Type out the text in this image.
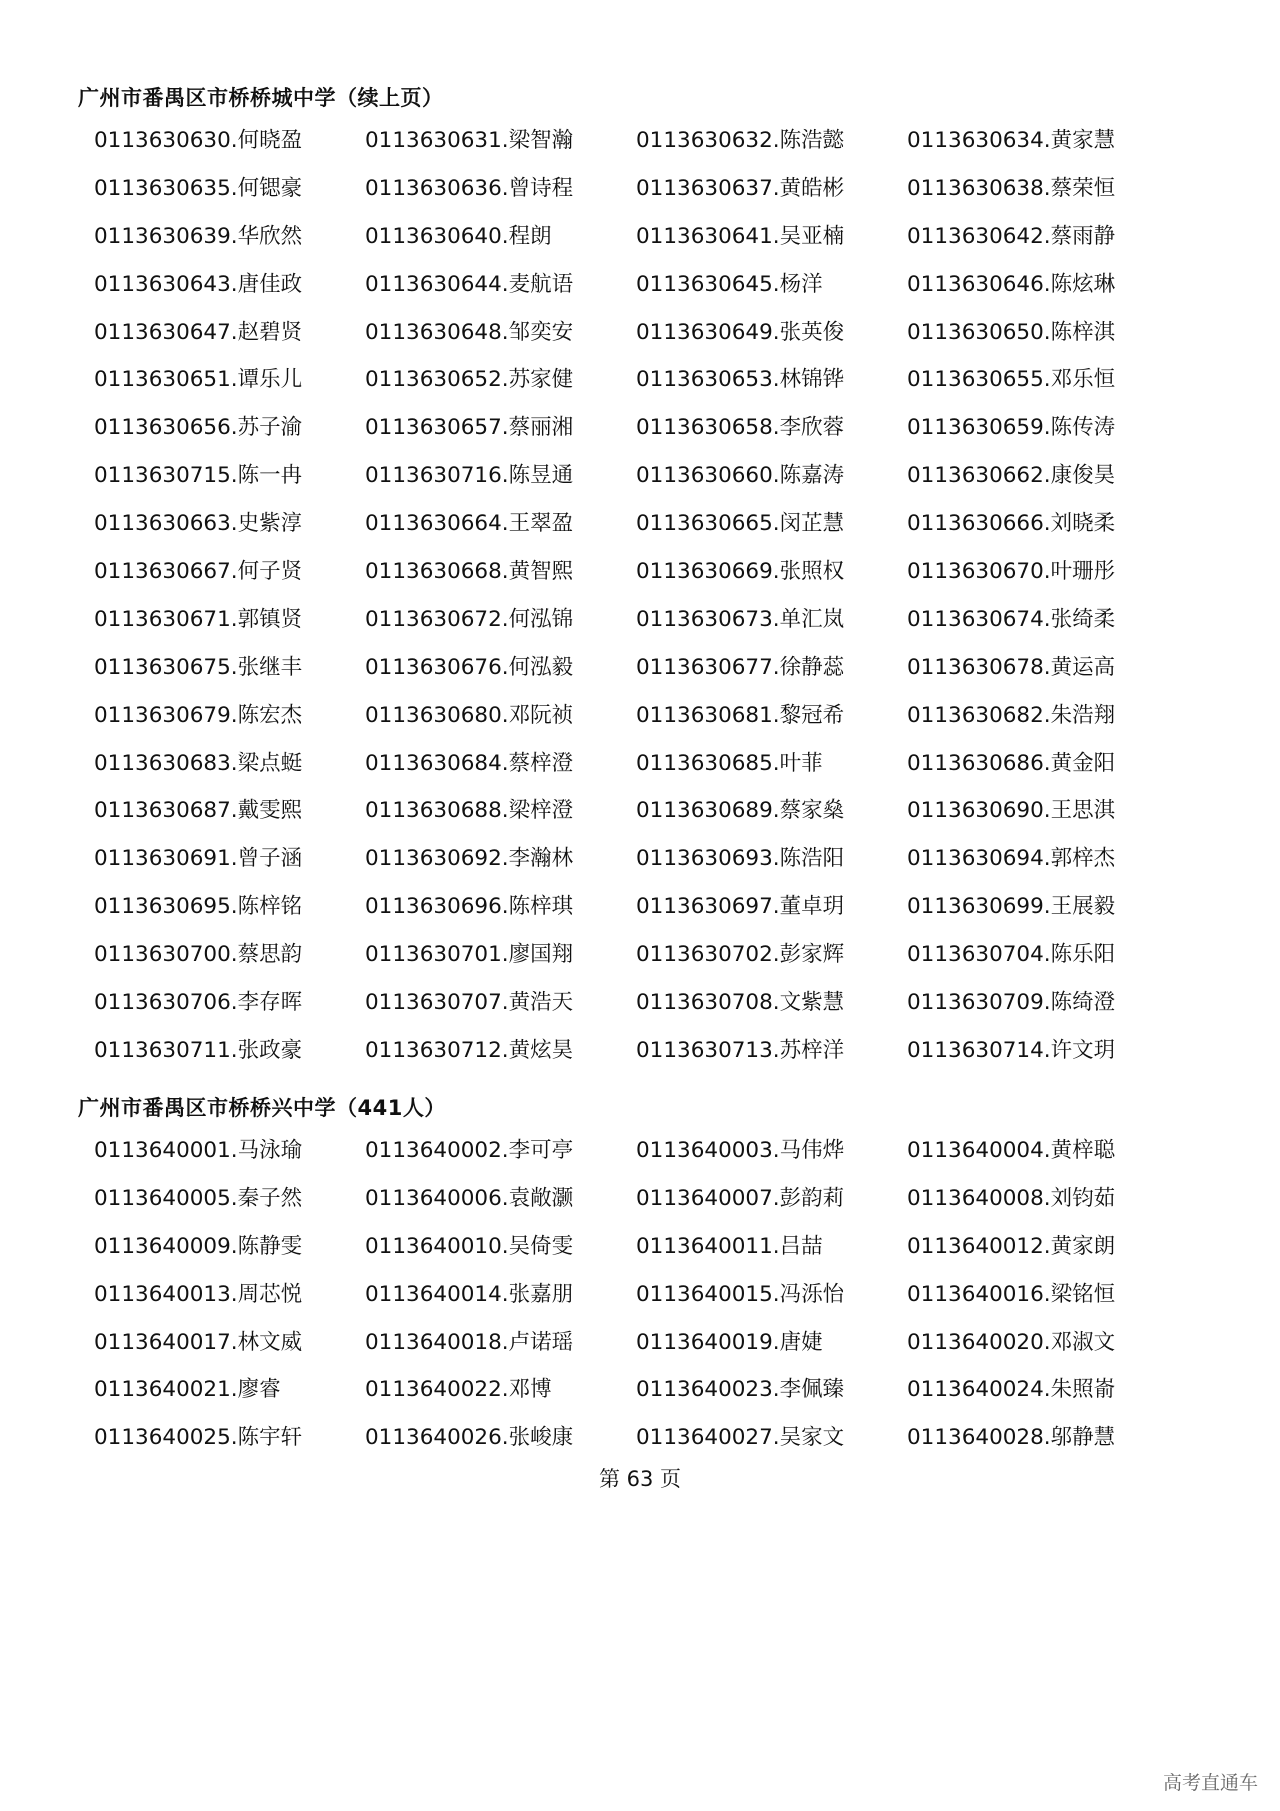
广州市番禺区市桥桥城中学（续上页）
0113630630.何晓盈	0113630631.梁智瀚	0113630632.陈浩懿	0113630634.黄家慧
0113630635.何锶豪	0113630636.曾诗程	0113630637.黄皓彬	0113630638.蔡荣恒
0113630639.华欣然	0113630640.程朗	0113630641.吴亚楠	0113630642.蔡雨静
0113630643.唐佳政	0113630644.麦航语	0113630645.杨洋	0113630646.陈炫琳
0113630647.赵碧贤	0113630648.邹奕安	0113630649.张英俊	0113630650.陈梓淇
0113630651.谭乐儿	0113630652.苏家健	0113630653.林锦铧	0113630655.邓乐恒
0113630656.苏子渝	0113630657.蔡丽湘	0113630658.李欣蓉	0113630659.陈传涛
0113630715.陈一冉	0113630716.陈昱通	0113630660.陈嘉涛	0113630662.康俊昊
0113630663.史紫淳	0113630664.王翠盈	0113630665.闵芷慧	0113630666.刘晓柔
0113630667.何子贤	0113630668.黄智熙	0113630669.张照权	0113630670.叶珊彤
0113630671.郭镇贤	0113630672.何泓锦	0113630673.单汇岚	0113630674.张绮柔
0113630675.张继丰	0113630676.何泓毅	0113630677.徐静蕊	0113630678.黄运高
0113630679.陈宏杰	0113630680.邓阮祯	0113630681.黎冠希	0113630682.朱浩翔
0113630683.梁点蜓	0113630684.蔡梓澄	0113630685.叶菲	0113630686.黄金阳
0113630687.戴雯熙	0113630688.梁梓澄	0113630689.蔡家燊	0113630690.王思淇
0113630691.曾子涵	0113630692.李瀚林	0113630693.陈浩阳	0113630694.郭梓杰
0113630695.陈梓铭	0113630696.陈梓琪	0113630697.董卓玥	0113630699.王展毅
0113630700.蔡思韵	0113630701.廖国翔	0113630702.彭家辉	0113630704.陈乐阳
0113630706.李存晖	0113630707.黄浩天	0113630708.文紫慧	0113630709.陈绮澄
0113630711.张政豪	0113630712.黄炫昊	0113630713.苏梓洋	0113630714.许文玥
广州市番禺区市桥桥兴中学（441人）
0113640001.马泳瑜	0113640002.李可亭	0113640003.马伟烨	0113640004.黄梓聪
0113640005.秦子然	0113640006.袁敞灏	0113640007.彭韵莉	0113640008.刘钧茹
0113640009.陈静雯	0113640010.吴倚雯	0113640011.吕喆	0113640012.黄家朗
0113640013.周芯悦	0113640014.张嘉朋	0113640015.冯泺怡	0113640016.梁铭恒
0113640017.林文威	0113640018.卢诺瑶	0113640019.唐婕	0113640020.邓淑文
0113640021.廖睿	0113640022.邓博	0113640023.李佩臻	0113640024.朱照嵛
0113640025.陈宇轩	0113640026.张峻康	0113640027.吴家文	0113640028.邬静慧
第 63 页
高考直通车
